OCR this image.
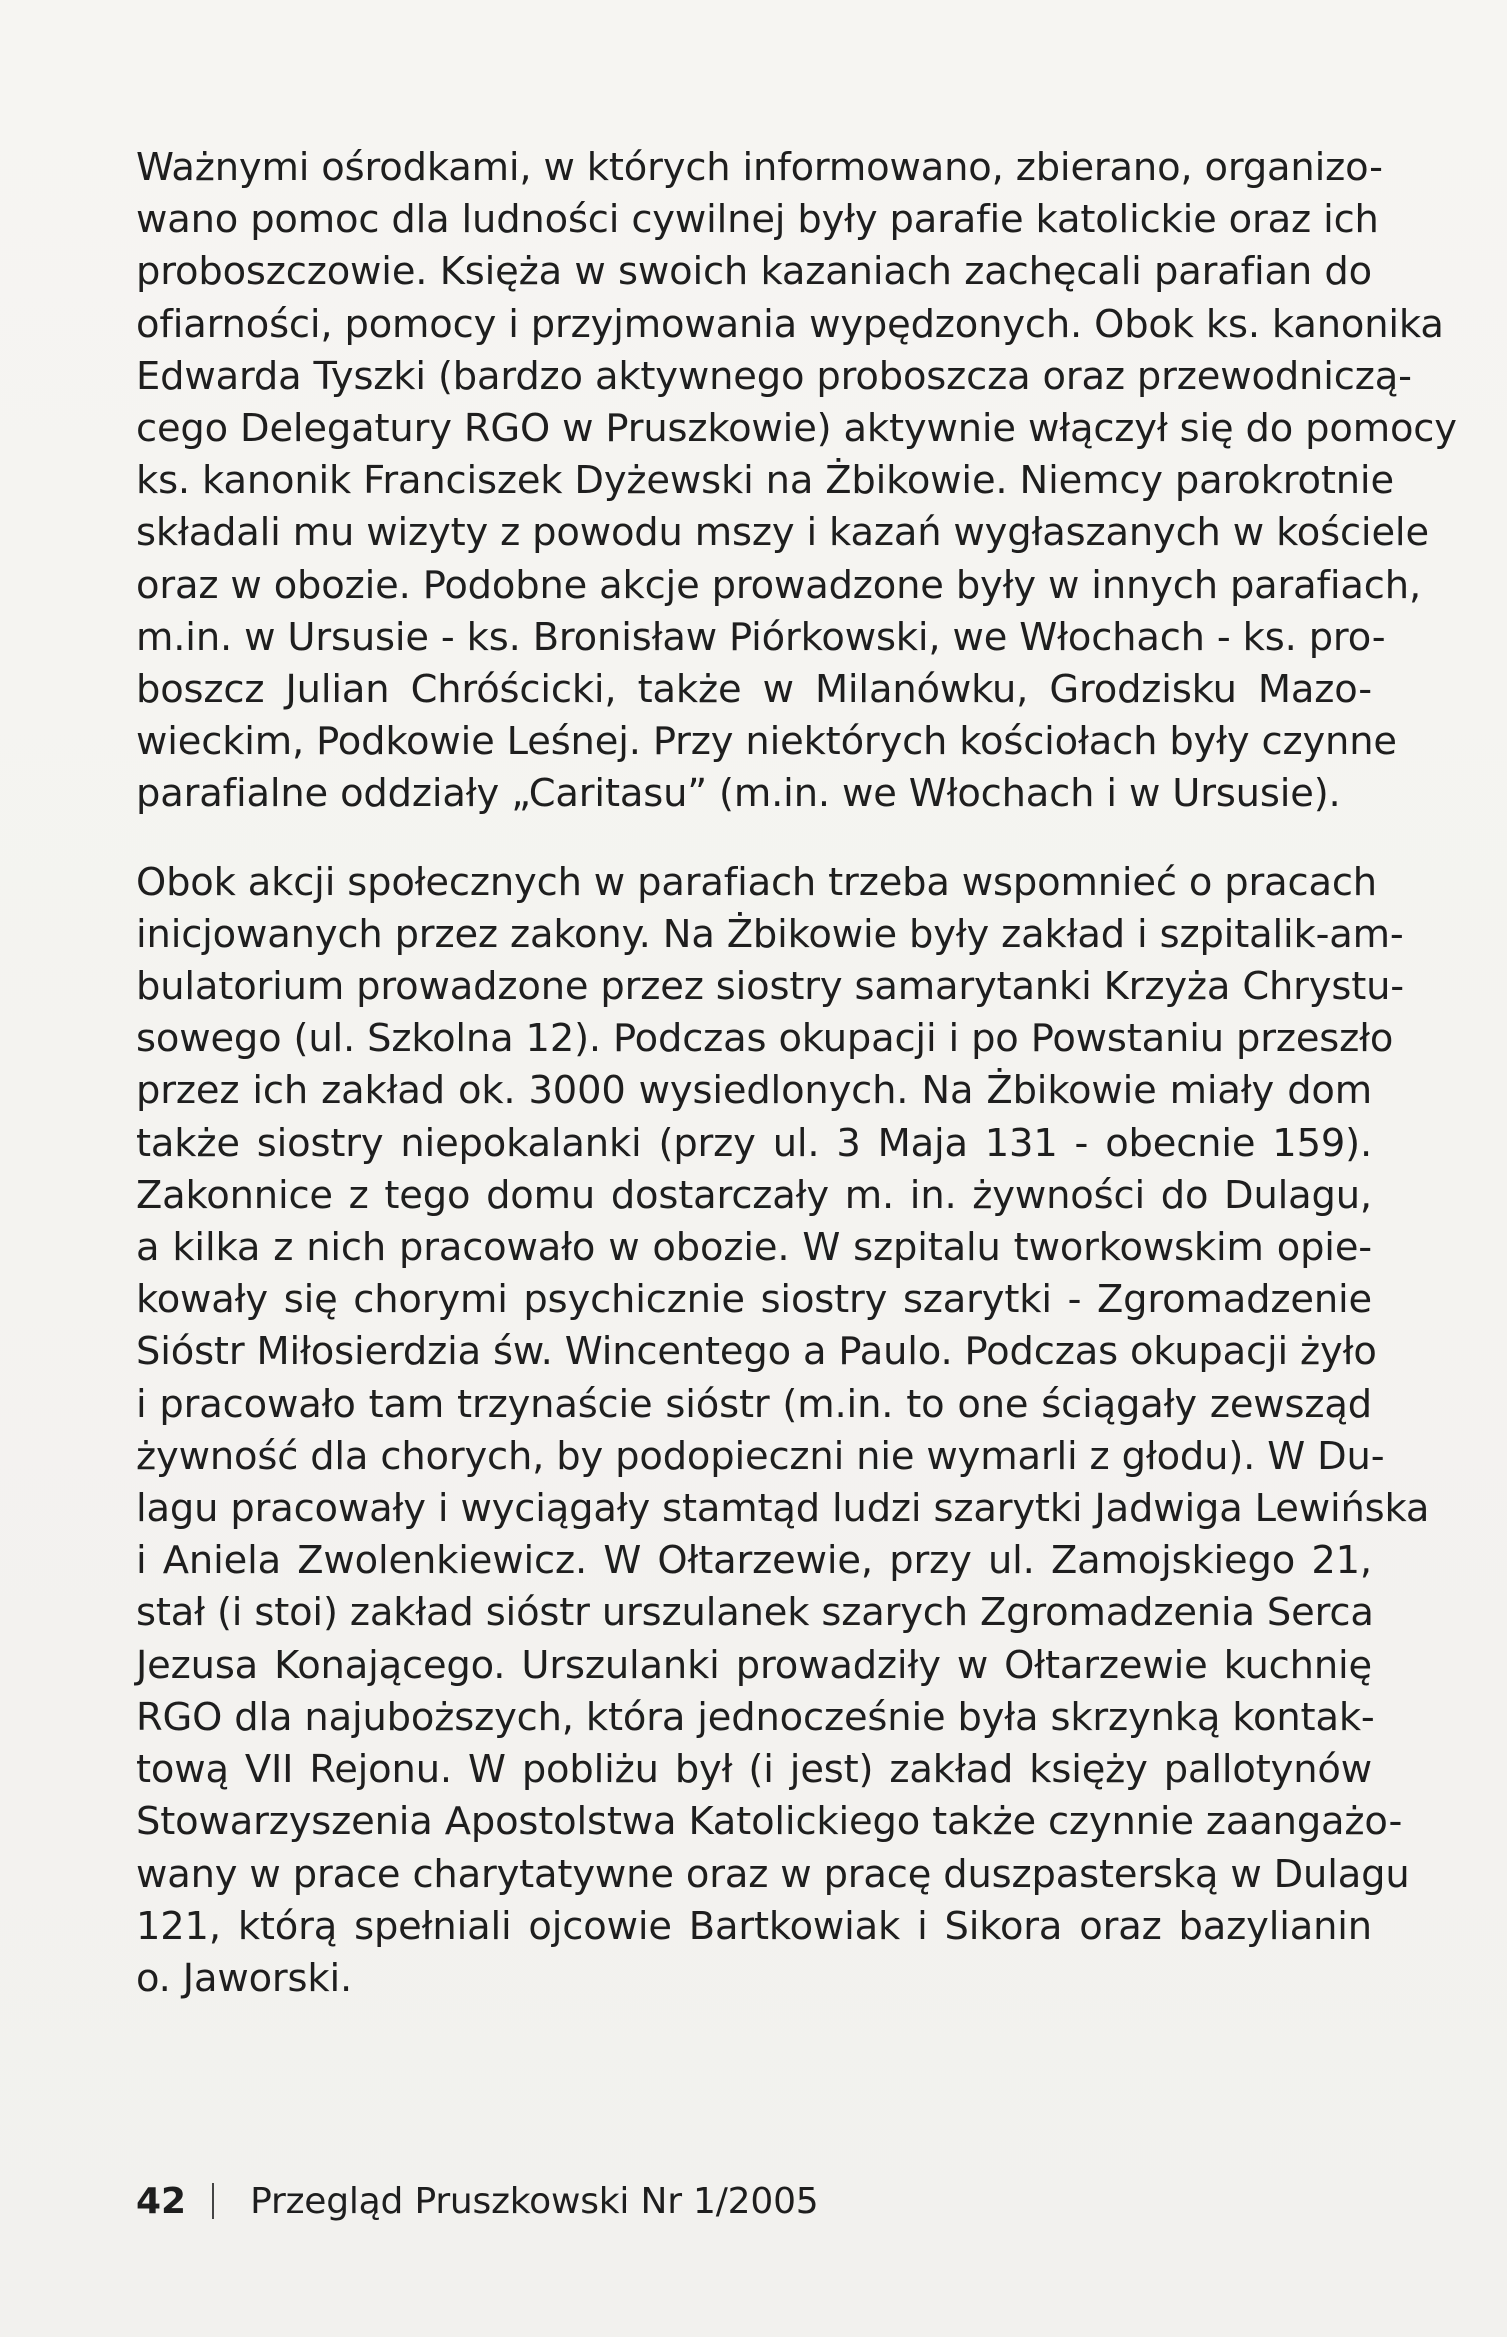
Ważnymi ośrodkami, w których informowano, zbierano, organizo-
wano pomoc dla ludności cywilnej były parafie katolickie oraz ich
proboszczowie. Księża w swoich kazaniach zachęcali parafian do
ofiarności, pomocy i przyjmowania wypędzonych. Obok ks. kanonika
Edwarda Tyszki (bardzo aktywnego proboszcza oraz przewodniczą-
cego Delegatury RGO w Pruszkowie) aktywnie włączył się do pomocy
ks. kanonik Franciszek Dyżewski na Żbikowie. Niemcy parokrotnie
składali mu wizyty z powodu mszy i kazań wygłaszanych w kościele
oraz w obozie. Podobne akcje prowadzone były w innych parafiach,
m.in. w Ursusie - ks. Bronisław Piórkowski, we Włochach - ks. pro-
boszcz Julian Chróścicki, także w Milanówku, Grodzisku Mazo-
wieckim, Podkowie Leśnej. Przy niektórych kościołach były czynne
parafialne oddziały „Caritasu” (m.in. we Włochach i w Ursusie).

Obok akcji społecznych w parafiach trzeba wspomnieć o pracach
inicjowanych przez zakony. Na Żbikowie były zakład i szpitalik-am-
bulatorium prowadzone przez siostry samarytanki Krzyża Chrystu-
sowego (ul. Szkolna 12). Podczas okupacji i po Powstaniu przeszło
przez ich zakład ok. 3000 wysiedlonych. Na Żbikowie miały dom
także siostry niepokalanki (przy ul. 3 Maja 131 - obecnie 159).
Zakonnice z tego domu dostarczały m. in. żywności do Dulagu,
a kilka z nich pracowało w obozie. W szpitalu tworkowskim opie-
kowały się chorymi psychicznie siostry szarytki - Zgromadzenie
Sióstr Miłosierdzia św. Wincentego a Paulo. Podczas okupacji żyło
i pracowało tam trzynaście sióstr (m.in. to one ściągały zewsząd
żywność dla chorych, by podopieczni nie wymarli z głodu). W Du-
lagu pracowały i wyciągały stamtąd ludzi szarytki Jadwiga Lewińska
i Aniela Zwolenkiewicz. W Ołtarzewie, przy ul. Zamojskiego 21,
stał (i stoi) zakład sióstr urszulanek szarych Zgromadzenia Serca
Jezusa Konającego. Urszulanki prowadziły w Ołtarzewie kuchnię
RGO dla najuboższych, która jednocześnie była skrzynką kontak-
tową VII Rejonu. W pobliżu był (i jest) zakład księży pallotynów
Stowarzyszenia Apostolstwa Katolickiego także czynnie zaangażo-
wany w prace charytatywne oraz w pracę duszpasterską w Dulagu
121, którą spełniali ojcowie Bartkowiak i Sikora oraz bazylianin
o. Jaworski.

42 Przegląd Pruszkowski Nr 1/2005
